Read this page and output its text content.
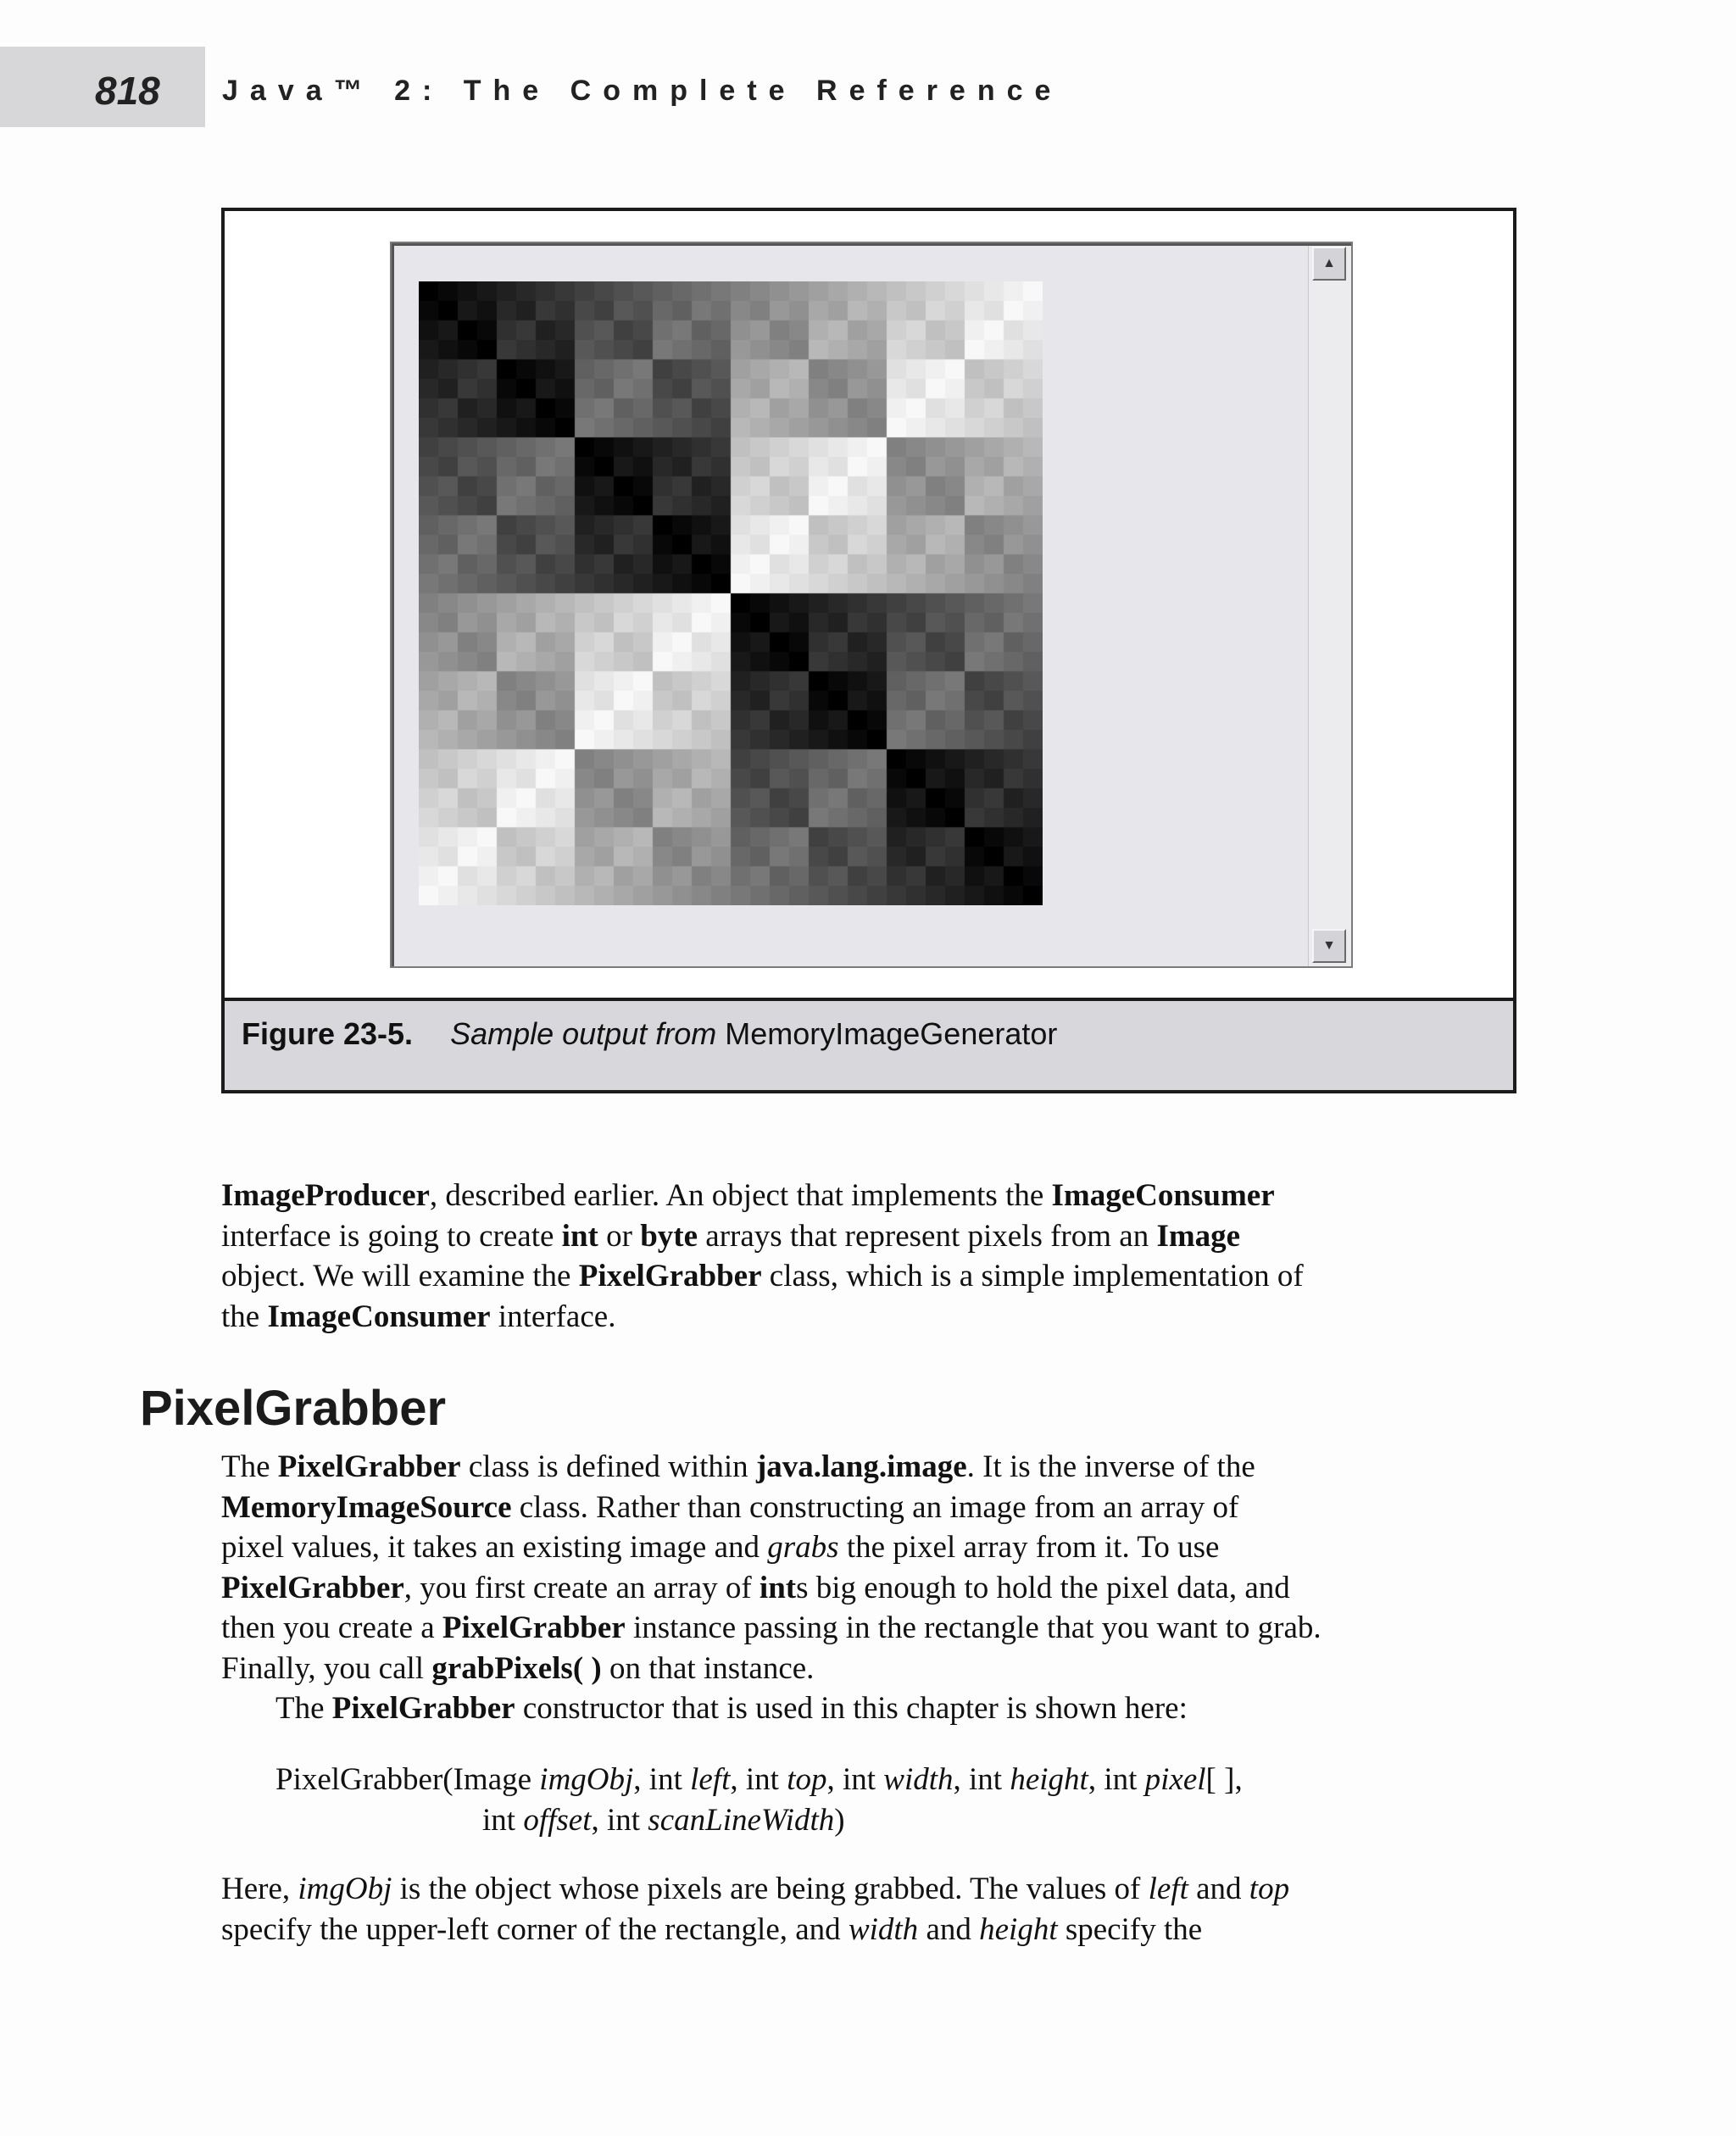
818 Java™ 2: The Complete Reference
▲
▼
Figure 23-5. Sample output from MemoryImageGenerator
ImageProducer, described earlier. An object that implements the ImageConsumer
interface is going to create int or byte arrays that represent pixels from an Image
object. We will examine the PixelGrabber class, which is a simple implementation of
the ImageConsumer interface.
PixelGrabber
The PixelGrabber class is defined within java.lang.image. It is the inverse of the
MemoryImageSource class. Rather than constructing an image from an array of
pixel values, it takes an existing image and grabs the pixel array from it. To use
PixelGrabber, you first create an array of ints big enough to hold the pixel data, and
then you create a PixelGrabber instance passing in the rectangle that you want to grab.
Finally, you call grabPixels( ) on that instance.
The PixelGrabber constructor that is used in this chapter is shown here:
PixelGrabber(Image imgObj, int left, int top, int width, int height, int pixel[ ],
int offset, int scanLineWidth)
Here, imgObj is the object whose pixels are being grabbed. The values of left and top
specify the upper-left corner of the rectangle, and width and height specify the
